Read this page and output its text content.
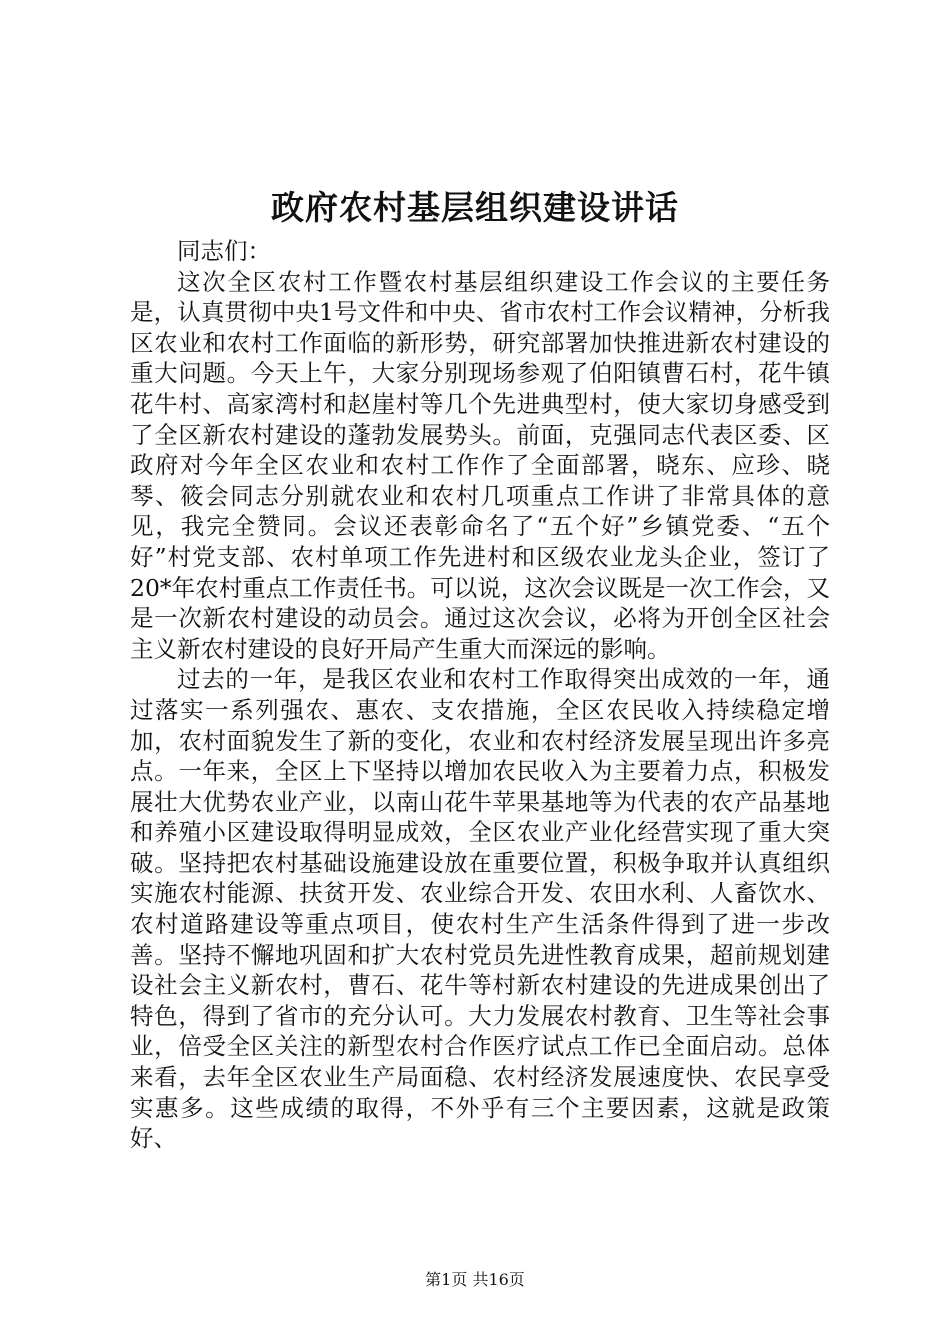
政府农村基层组织建设讲话
同志们：

这次全区农村工作暨农村基层组织建设工作会议的主要任务是，认真贯彻中央1号文件和中央、省市农村工作会议精神，分析我区农业和农村工作面临的新形势，研究部署加快推进新农村建设的重大问题。今天上午，大家分别现场参观了伯阳镇曹石村，花牛镇花牛村、高家湾村和赵崖村等几个先进典型村，使大家切身感受到了全区新农村建设的蓬勃发展势头。前面，克强同志代表区委、区政府对今年全区农业和农村工作作了全面部署，晓东、应珍、晓琴、筱会同志分别就农业和农村几项重点工作讲了非常具体的意见，我完全赞同。会议还表彰命名了“五个好”乡镇党委、“五个好”村党支部、农村单项工作先进村和区级农业龙头企业，签订了20*年农村重点工作责任书。可以说，这次会议既是一次工作会，又是一次新农村建设的动员会。通过这次会议，必将为开创全区社会主义新农村建设的良好开局产生重大而深远的影响。

过去的一年，是我区农业和农村工作取得突出成效的一年，通过落实一系列强农、惠农、支农措施，全区农民收入持续稳定增加，农村面貌发生了新的变化，农业和农村经济发展呈现出许多亮点。一年来，全区上下坚持以增加农民收入为主要着力点，积极发展壮大优势农业产业，以南山花牛苹果基地等为代表的农产品基地和养殖小区建设取得明显成效，全区农业产业化经营实现了重大突破。坚持把农村基础设施建设放在重要位置，积极争取并认真组织实施农村能源、扶贫开发、农业综合开发、农田水利、人畜饮水、农村道路建设等重点项目，使农村生产生活条件得到了进一步改善。坚持不懈地巩固和扩大农村党员先进性教育成果，超前规划建设社会主义新农村，曹石、花牛等村新农村建设的先进成果创出了特色，得到了省市的充分认可。大力发展农村教育、卫生等社会事业，倍受全区关注的新型农村合作医疗试点工作已全面启动。总体来看，去年全区农业生产局面稳、农村经济发展速度快、农民享受实惠多。这些成绩的取得，不外乎有三个主要因素，这就是政策好、

第1页 共16页
